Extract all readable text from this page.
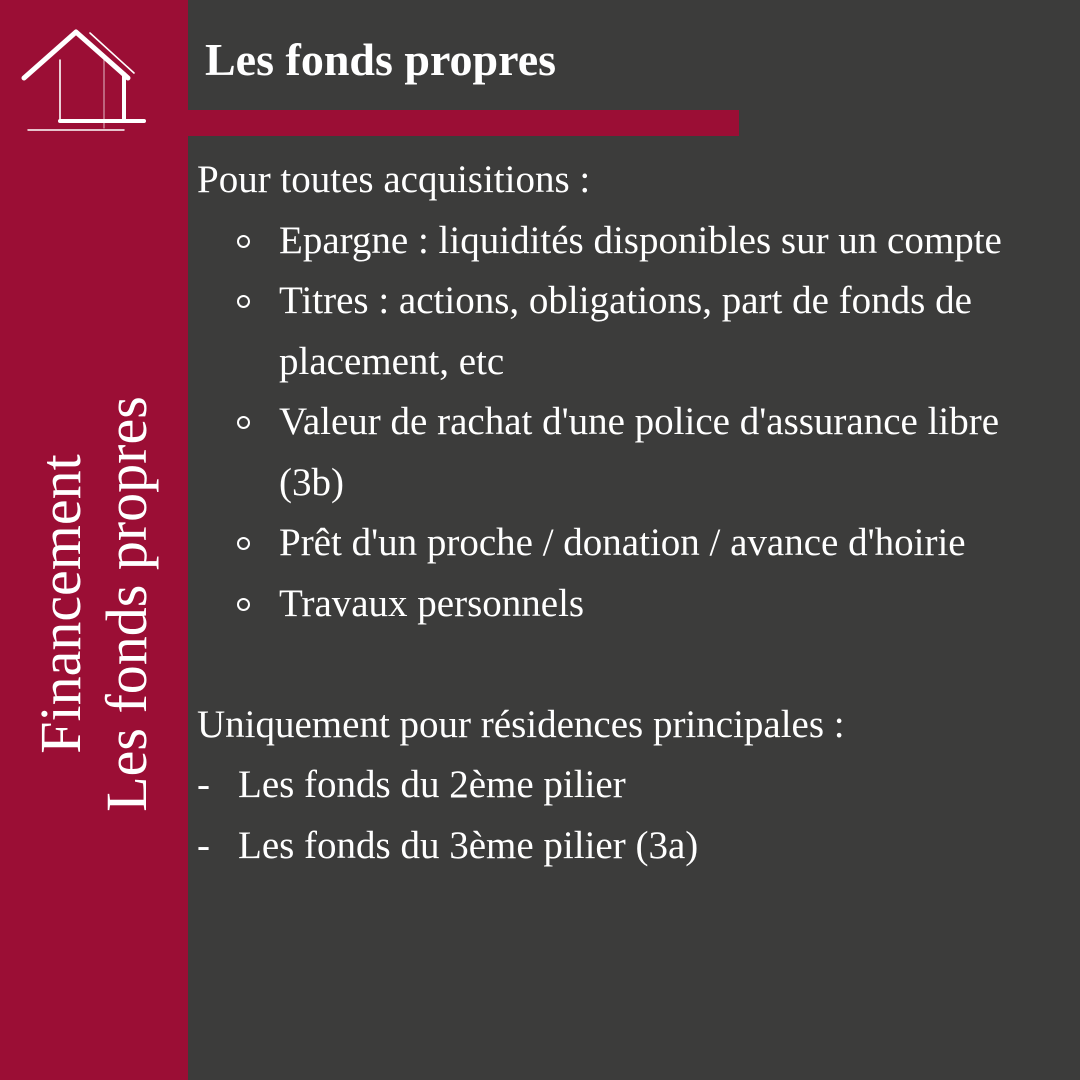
Financement Les fonds propres
Les fonds propres
Pour toutes acquisitions :
Epargne : liquidités disponibles sur un compte
Titres : actions, obligations, part de fonds de placement, etc
Valeur de rachat d'une police d'assurance libre (3b)
Prêt d'un proche / donation / avance d'hoirie
Travaux personnels
Uniquement pour résidences principales :
- Les fonds du 2ème pilier
- Les fonds du 3ème pilier (3a)
